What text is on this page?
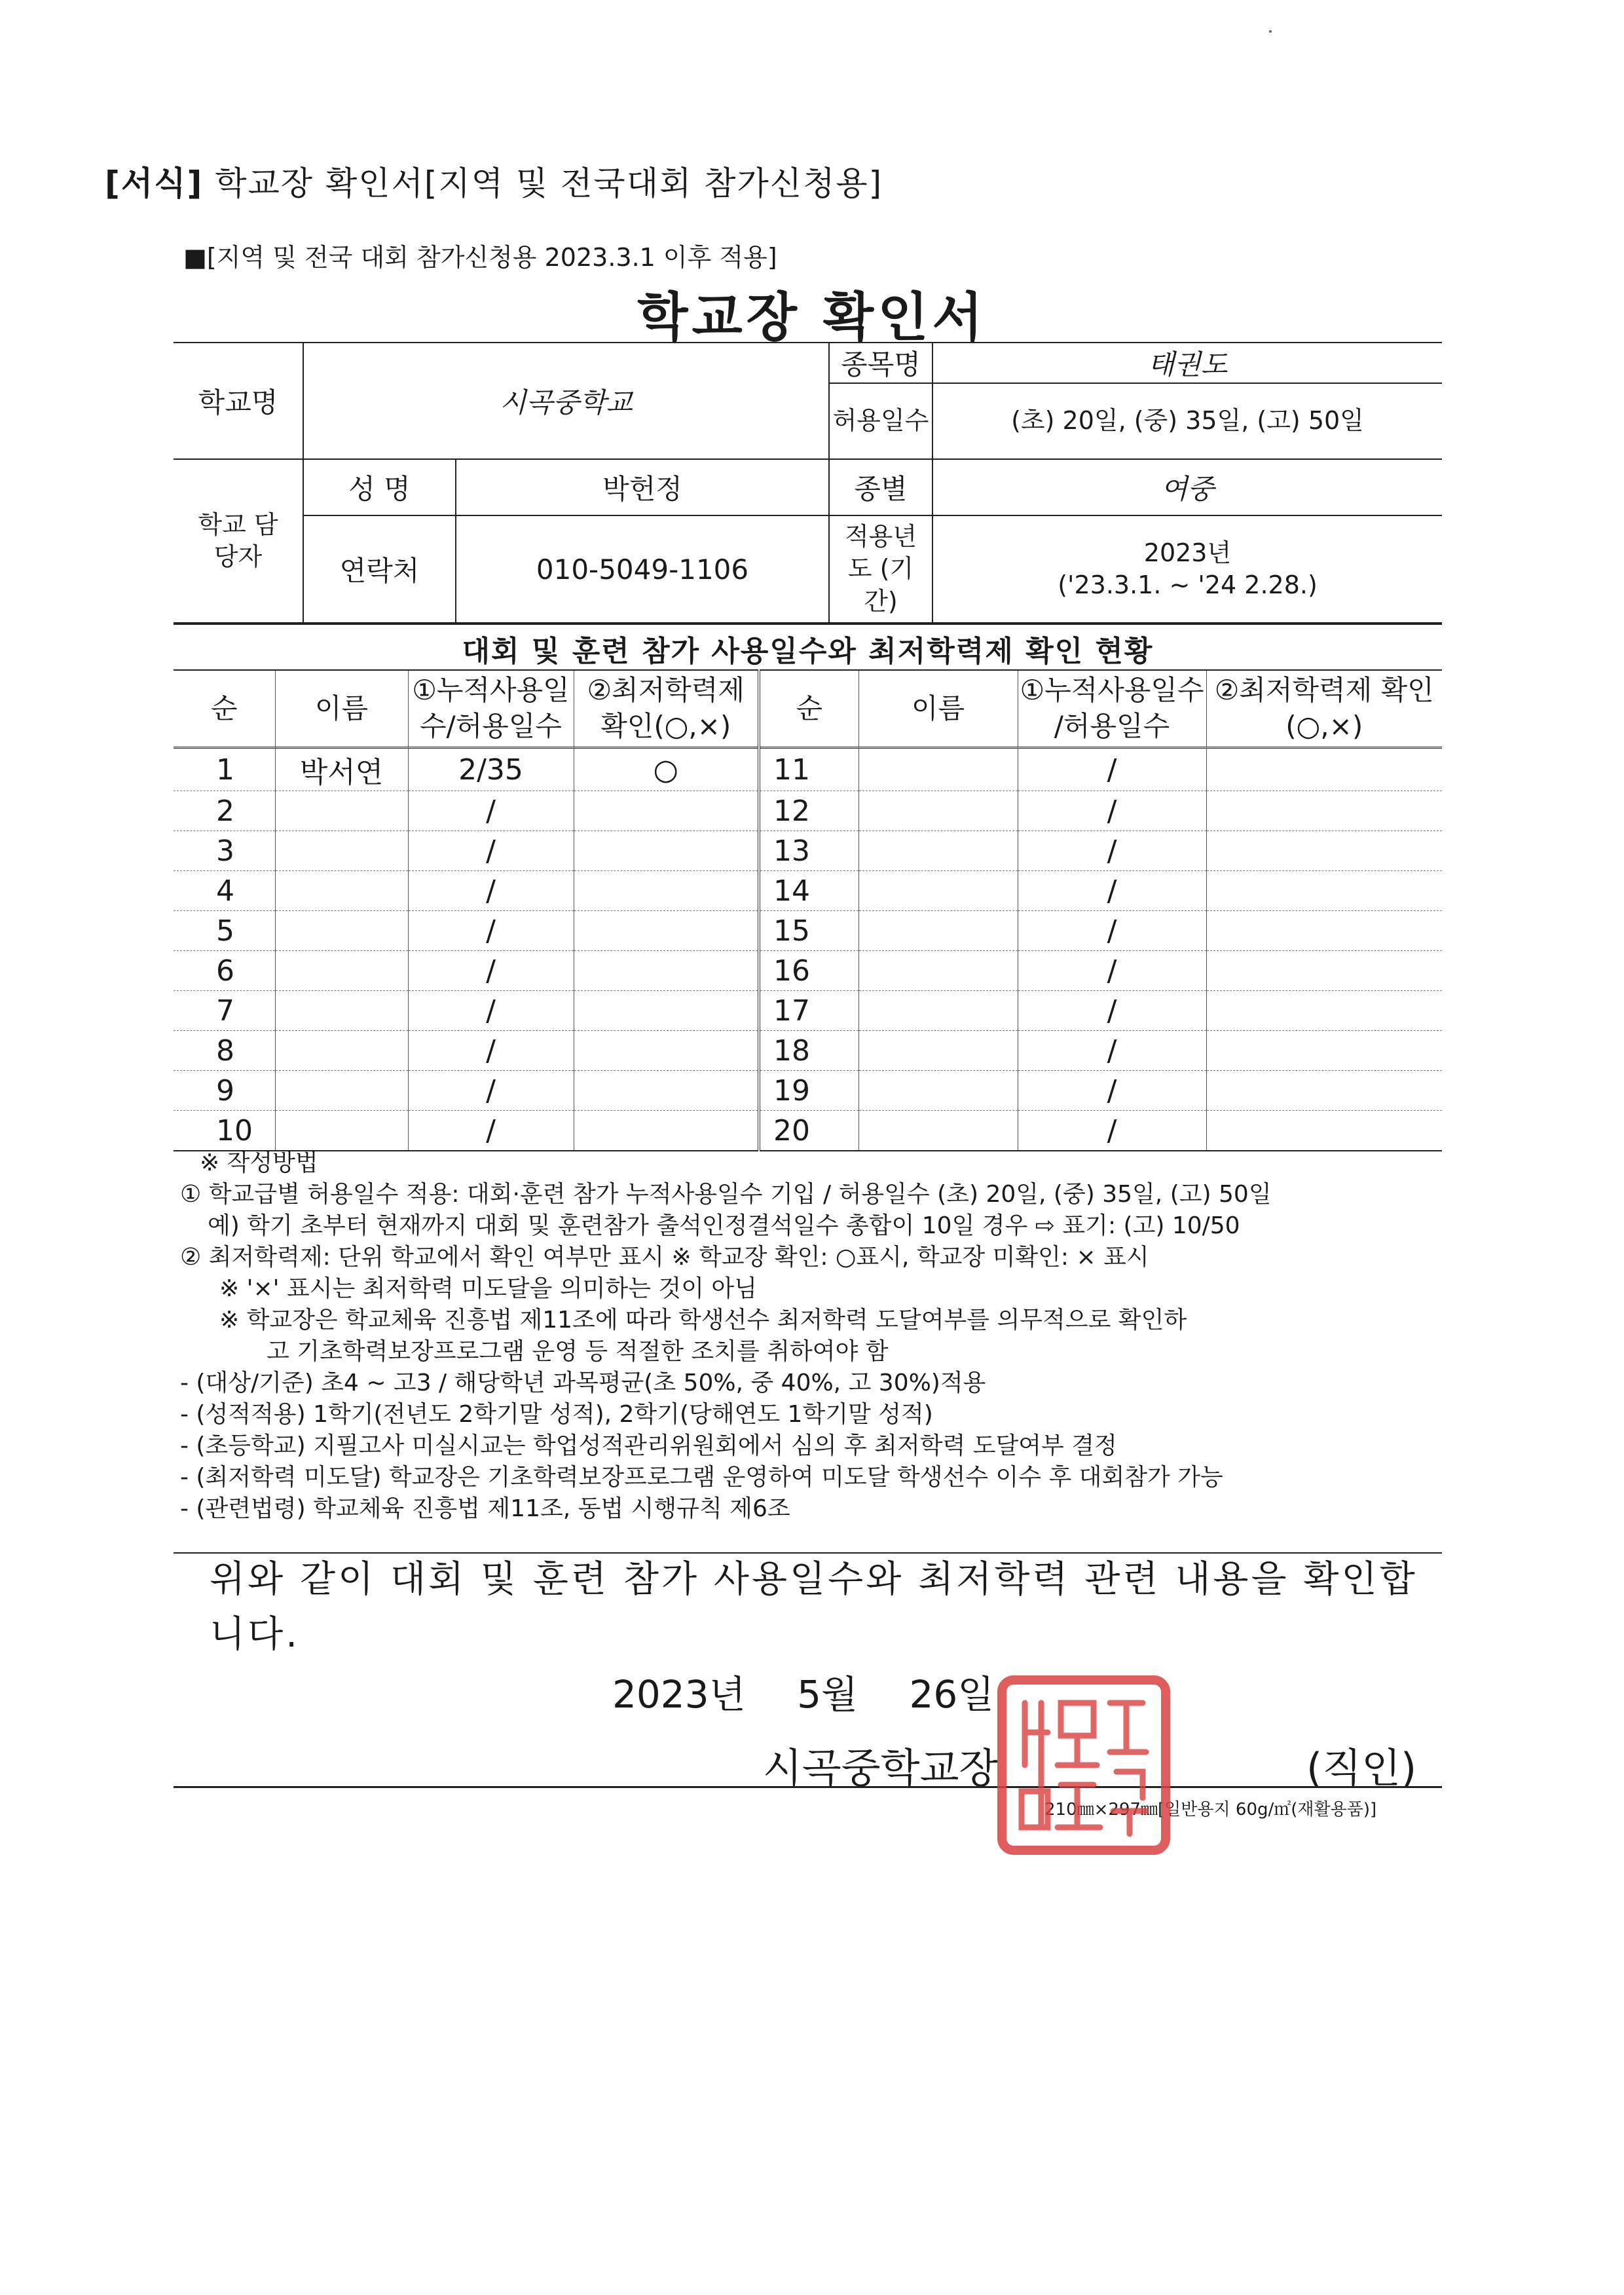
[서식] 학교장 확인서[지역 및 전국대회 참가신청용]
■[지역 및 전국 대회 참가신청용 2023.3.1 이후 적용]
학교장 확인서
학교명	시곡중학교		종목명	태권도
			허용일수	(초) 20일, (중) 35일, (고) 50일
학교 담당자	성 명	박헌정	종별	여중
	연락처	010-5049-1106	적용년도 (기간)	2023년
('23.3.1. ~ '24 2.28.)
대회 및 훈련 참가 사용일수와 최저학력제 확인 현황
순	이름	①누적사용일수/허용일수	②최저학력제 확인(○,×)	순	이름	①누적사용일수 /허용일수	②최저학력제 확인(○,×)
1	박서연	2/35	○	11		/	
2		/		12		/	
3		/		13		/	
4		/		14		/	
5		/		15		/	
6		/		16		/	
7		/		17		/	
8		/		18		/	
9		/		19		/	
10		/		20		/	
※ 작성방법
① 학교급별 허용일수 적용: 대회·훈련 참가 누적사용일수 기입 / 허용일수 (초) 20일, (중) 35일, (고) 50일
예) 학기 초부터 현재까지 대회 및 훈련참가 출석인정결석일수 총합이 10일 경우 ⇨ 표기: (고) 10/50
② 최저학력제: 단위 학교에서 확인 여부만 표시 ※ 학교장 확인: ○표시, 학교장 미확인: × 표시
※ '×' 표시는 최저학력 미도달을 의미하는 것이 아님
※ 학교장은 학교체육 진흥법 제11조에 따라 학생선수 최저학력 도달여부를 의무적으로 확인하
고 기초학력보장프로그램 운영 등 적절한 조치를 취하여야 함
- (대상/기준) 초4 ~ 고3 / 해당학년 과목평균(초 50%, 중 40%, 고 30%)적용
- (성적적용) 1학기(전년도 2학기말 성적), 2학기(당해연도 1학기말 성적)
- (초등학교) 지필고사 미실시교는 학업성적관리위원회에서 심의 후 최저학력 도달여부 결정
- (최저학력 미도달) 학교장은 기초학력보장프로그램 운영하여 미도달 학생선수 이수 후 대회참가 가능
- (관련법령) 학교체육 진흥법 제11조, 동법 시행규칙 제6조
위와 같이 대회 및 훈련 참가 사용일수와 최저학력 관련 내용을 확인합니다.
2023년 5월 26일
시곡중학교장	(직인)
210㎜×297㎜[일반용지 60g/㎡(재활용품)]
